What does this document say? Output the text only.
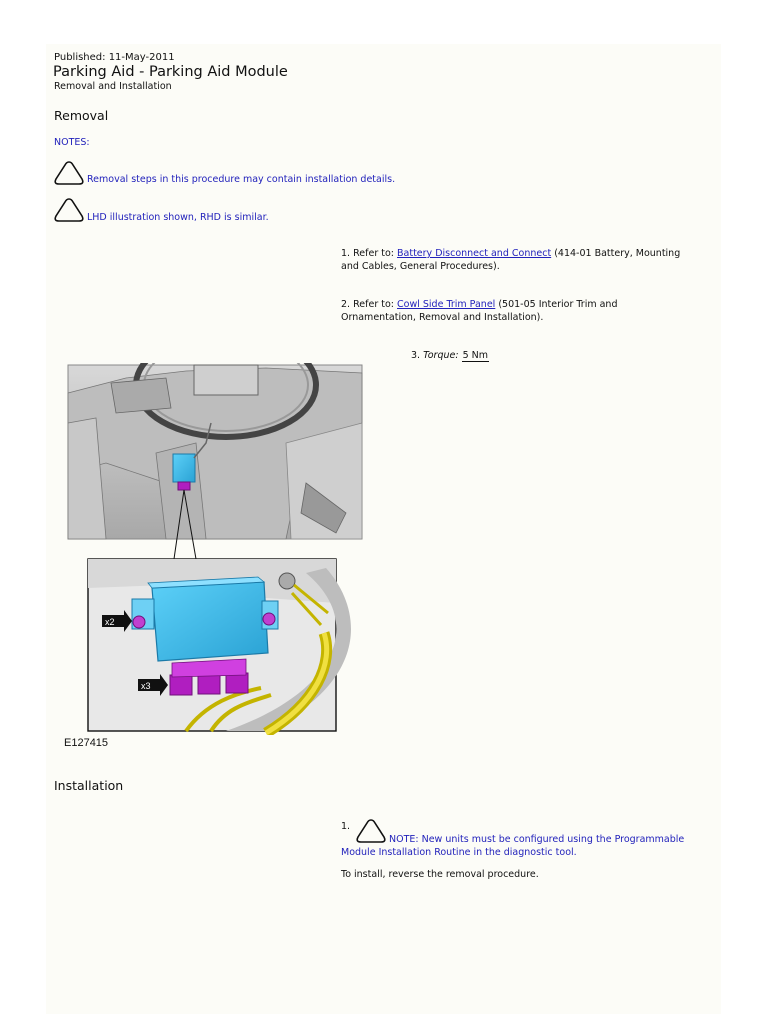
Published: 11-May-2011
Parking Aid - Parking Aid Module
Removal and Installation
Removal
NOTES:
Removal steps in this procedure may contain installation details.
LHD illustration shown, RHD is similar.
1. Refer to: Battery Disconnect and Connect (414-01 Battery, Mounting and Cables, General Procedures).
2. Refer to: Cowl Side Trim Panel (501-05 Interior Trim and Ornamentation, Removal and Installation).
3. Torque: 5 Nm
x2
x3
E127415
Installation
1.
NOTE: New units must be configured using the Programmable Module Installation Routine in the diagnostic tool.
To install, reverse the removal procedure.
